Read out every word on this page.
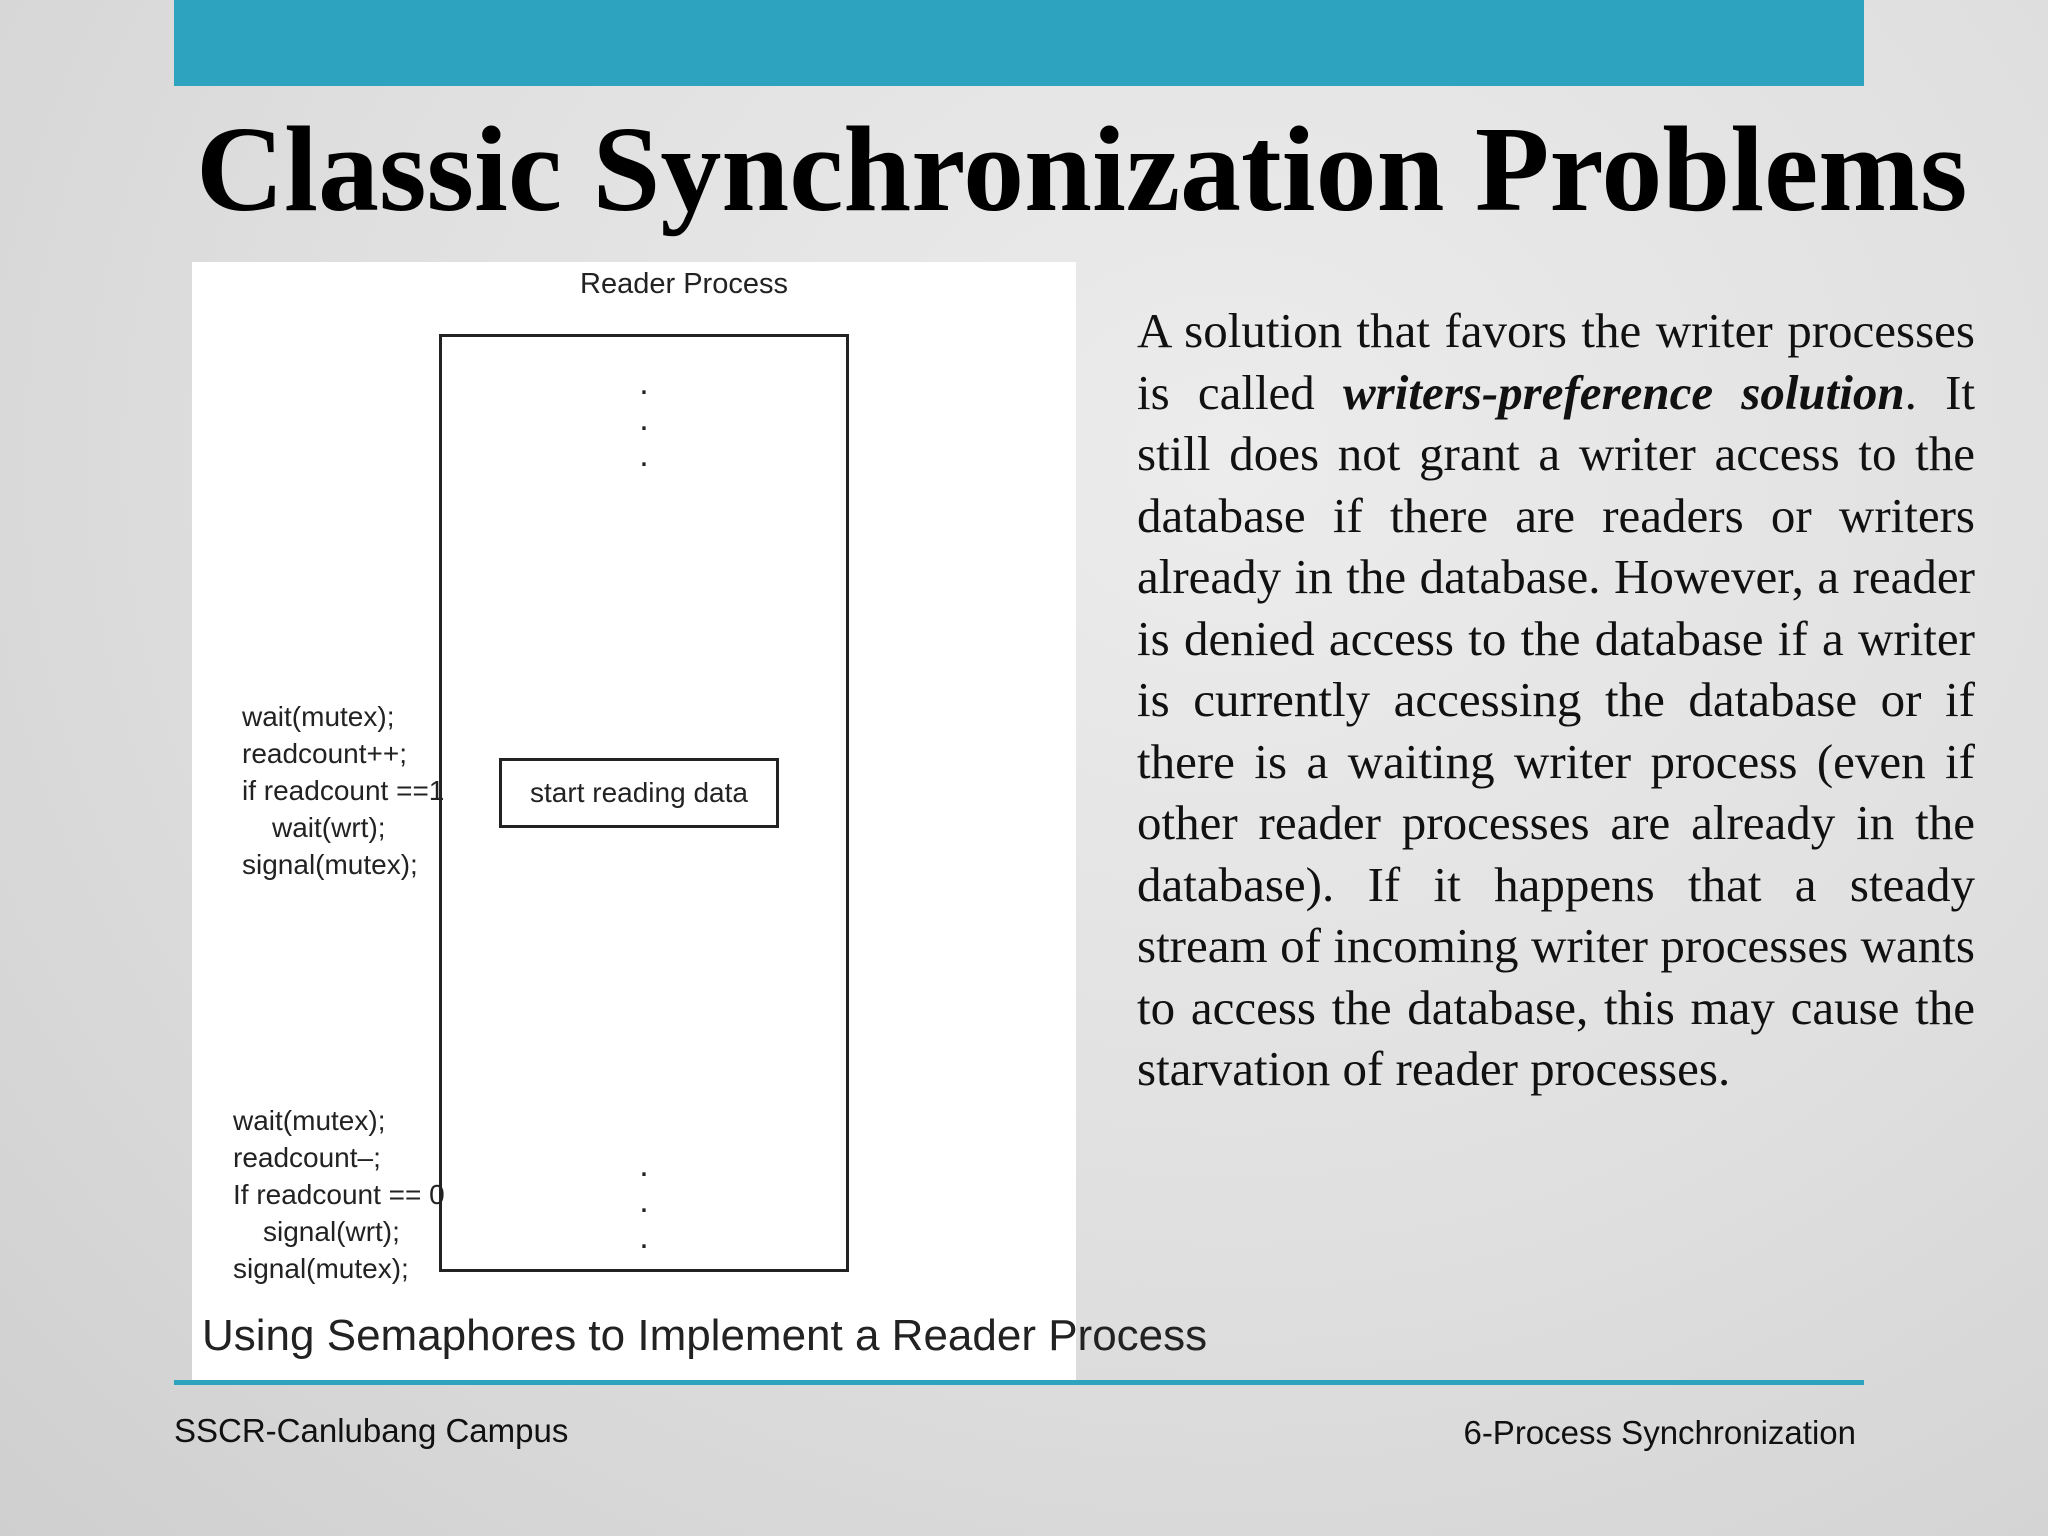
Classic Synchronization Problems
Reader Process
.
.
.
.
.
.
wait(mutex);
readcount++;
if readcount ==1
wait(wrt);
signal(mutex);
start reading data
wait(mutex);
readcount–;
If readcount == 0
signal(wrt);
signal(mutex);
Using Semaphores to Implement a Reader Process

A solution that favors the writer processes is called writers-preference solution. It still does not grant a writer access to the database if there are readers or writers already in the database. However, a reader is denied access to the database if a writer is currently accessing the database or if there is a waiting writer process (even if other reader processes are already in the database). If it happens that a steady stream of incoming writer processes wants to access the database, this may cause the starvation of reader processes.

SSCR-Canlubang Campus	6-Process Synchronization
